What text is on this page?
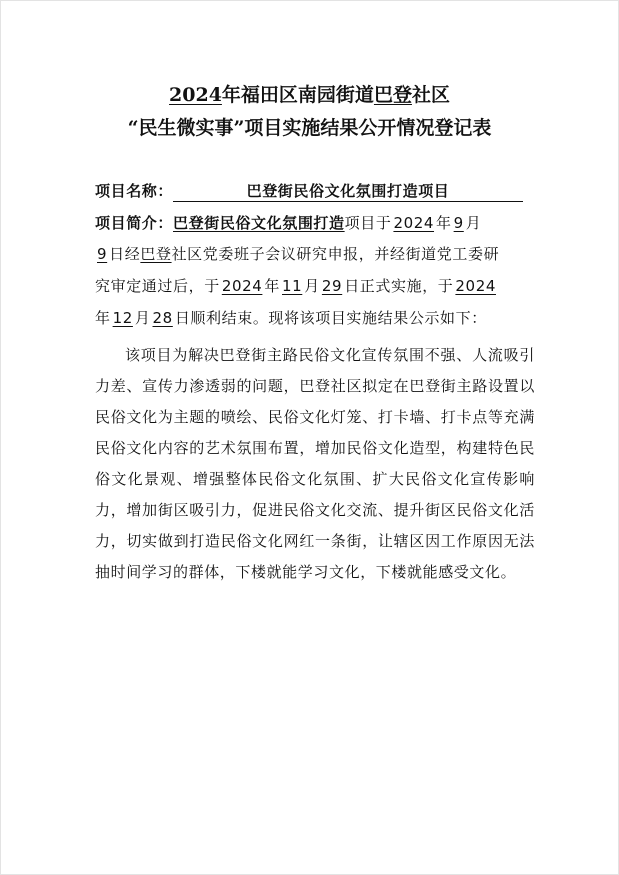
2024年福田区南园街道巴登社区
“民生微实事”项目实施结果公开情况登记表
项目名称：	巴登街民俗文化氛围打造项目
项目简介：巴登街民俗文化氛围打造项目于 2024 年 9 月
9 日经巴登社区党委班子会议研究申报，并经街道党工委研
究审定通过后，于 2024 年 11 月 29 日正式实施，于 2024
年 12 月 28 日顺利结束。现将该项目实施结果公示如下：
该项目为解决巴登街主路民俗文化宣传氛围不强、人流吸引力差、宣传力渗透弱的问题，巴登社区拟定在巴登街主路设置以民俗文化为主题的喷绘、民俗文化灯笼、打卡墙、打卡点等充满民俗文化内容的艺术氛围布置，增加民俗文化造型，构建特色民俗文化景观、增强整体民俗文化氛围、扩大民俗文化宣传影响力，增加街区吸引力，促进民俗文化交流、提升街区民俗文化活力，切实做到打造民俗文化网红一条街，让辖区因工作原因无法抽时间学习的群体，下楼就能学习文化，下楼就能感受文化。
